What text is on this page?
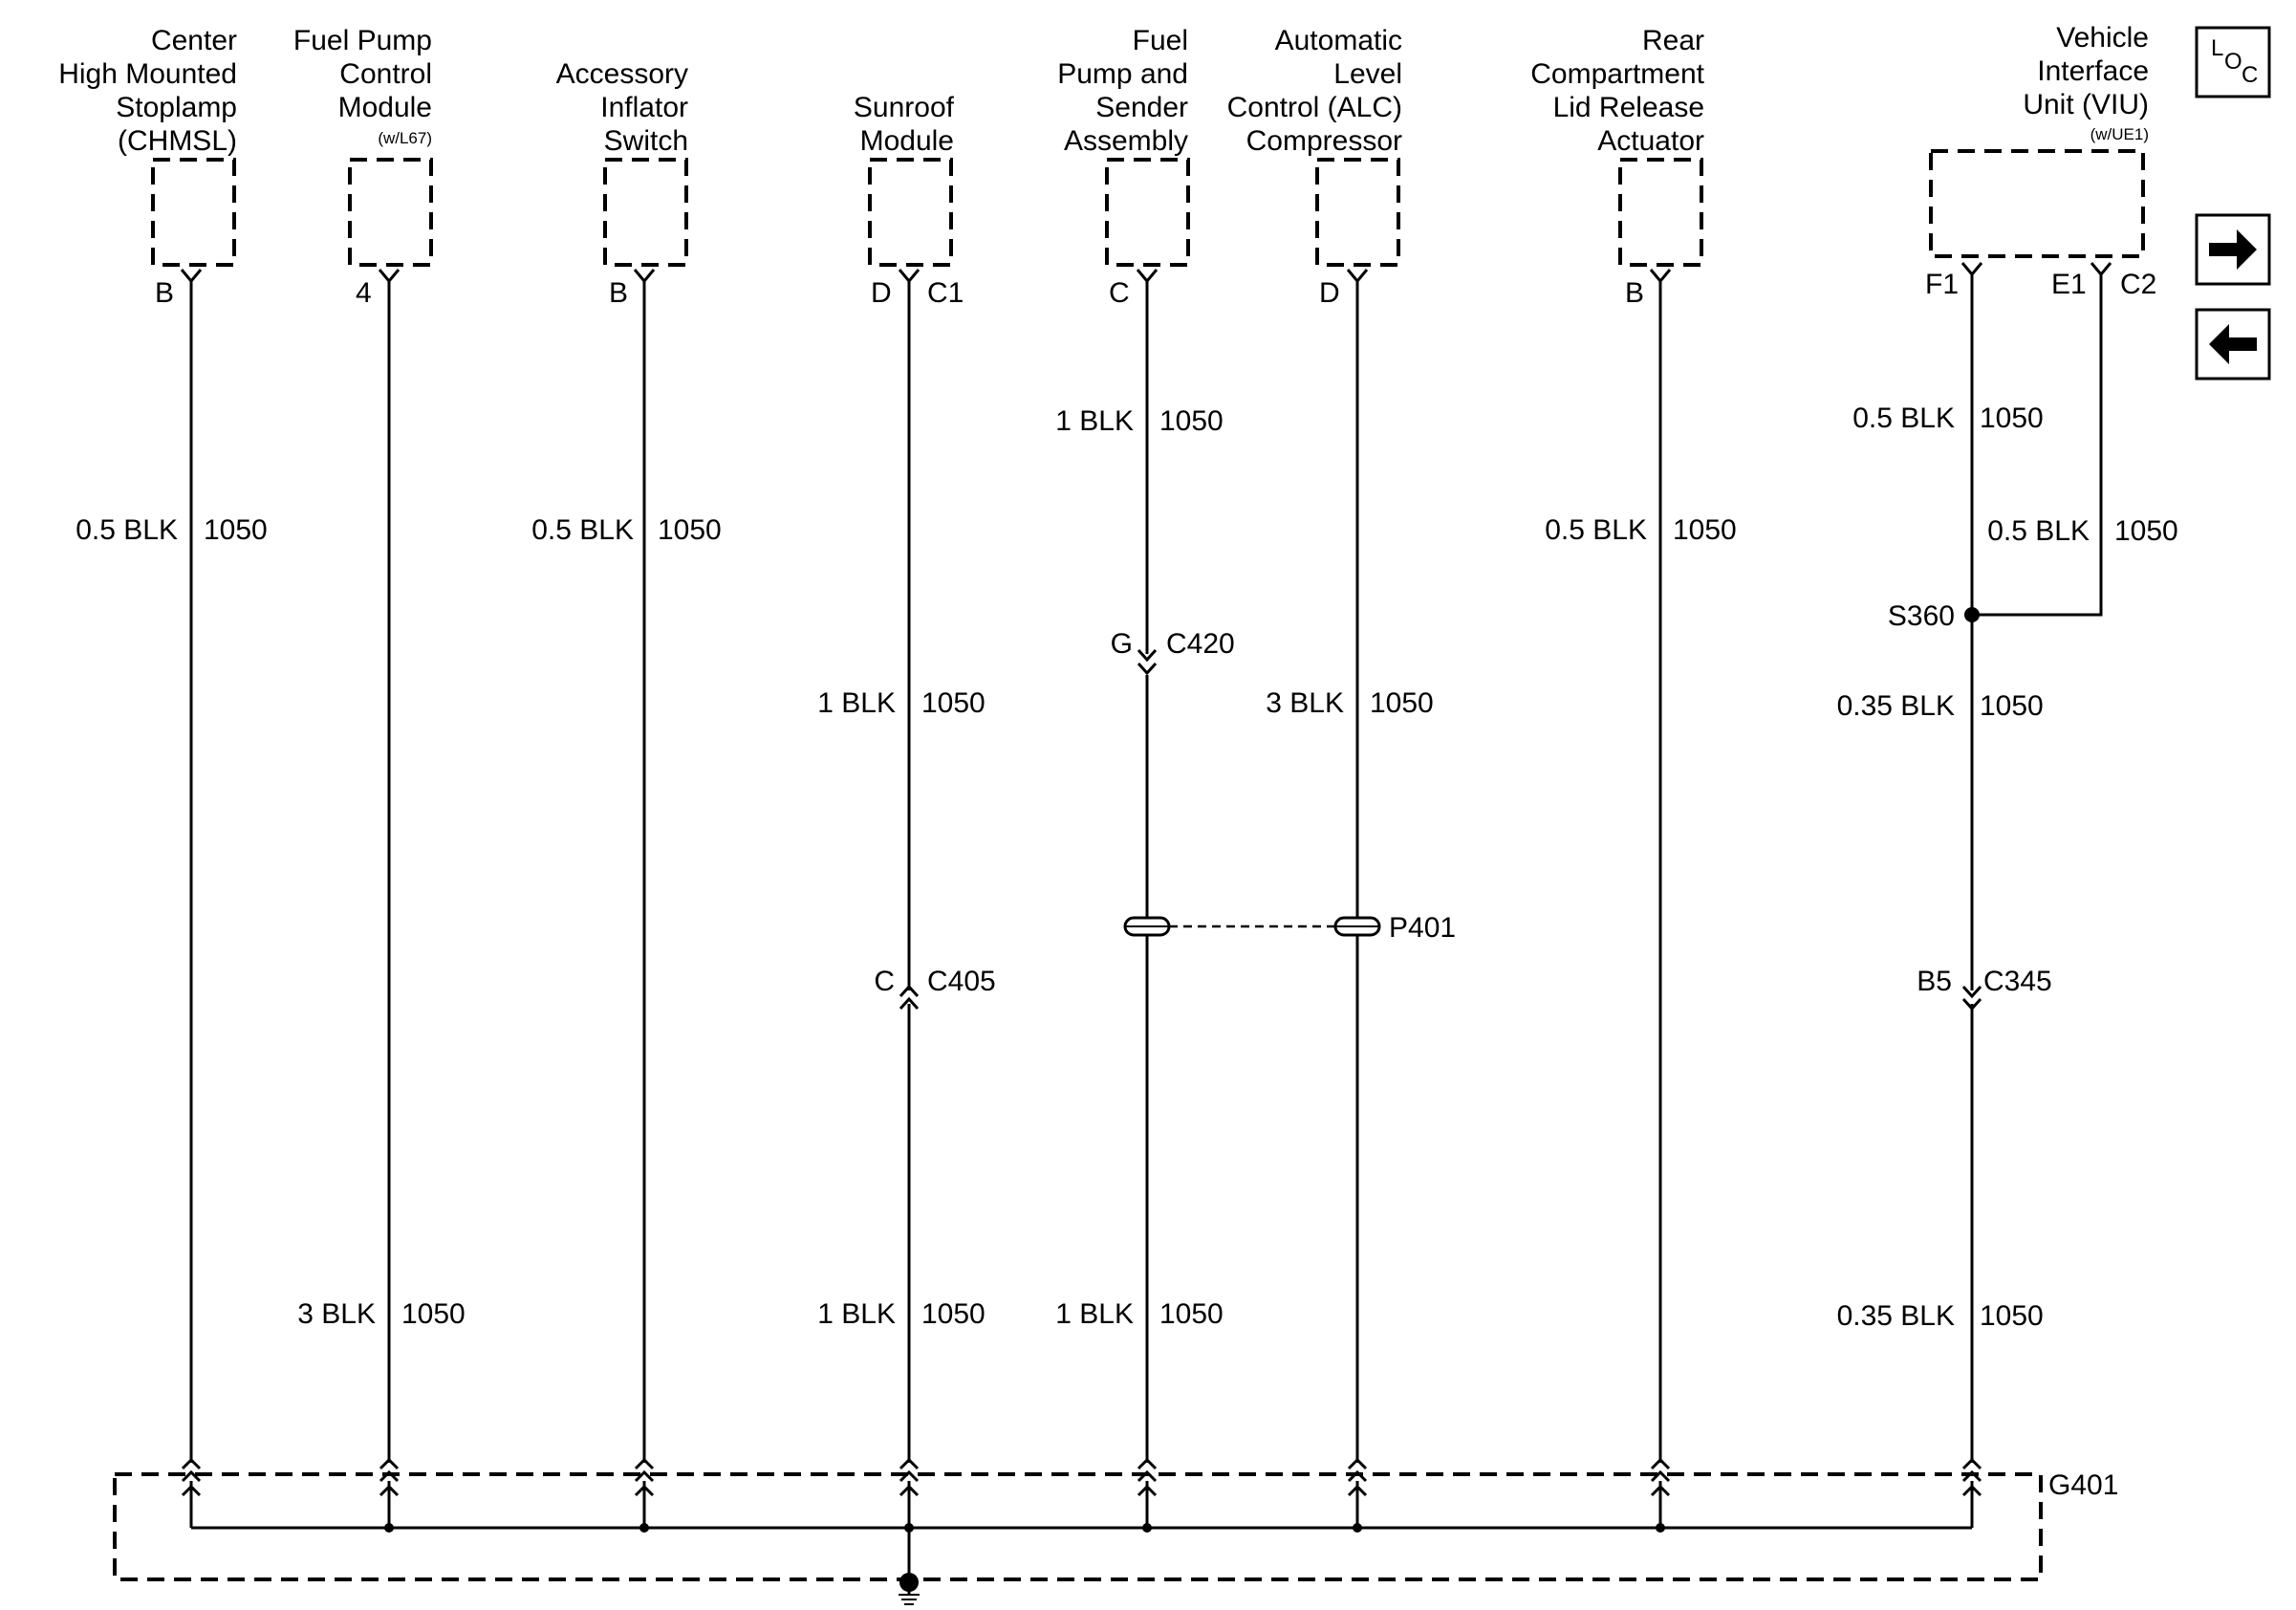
Center
High Mounted
Stoplamp
(CHMSL)
Fuel Pump
Control
Module
(w/L67)
Accessory
Inflator
Switch
Sunroof
Module
Fuel
Pump and
Sender
Assembly
Automatic
Level
Control (ALC)
Compressor
Rear
Compartment
Lid Release
Actuator
Vehicle
Interface
Unit (VIU)
(w/UE1)
B	4	B	D C1	C	D	B	F1	E1 C2
0.5 BLK 1050
3 BLK 1050
0.5 BLK 1050
1 BLK 1050
1 BLK 1050
1 BLK 1050
1 BLK 1050
3 BLK 1050
0.5 BLK 1050
0.5 BLK 1050
0.5 BLK 1050
0.35 BLK 1050
0.35 BLK 1050
G C420
C C405	B5 C345
P401
S360
G401
L
O
C
